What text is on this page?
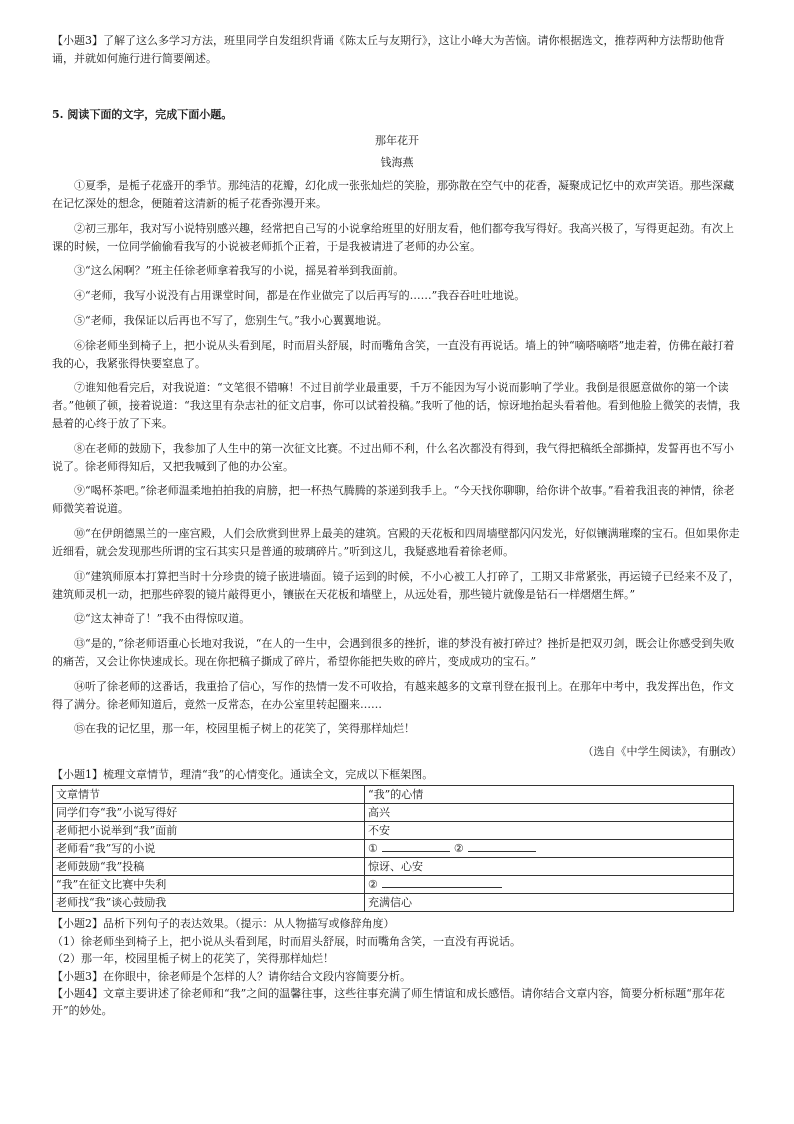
【小题3】了解了这么多学习方法，班里同学自发组织背诵《陈太丘与友期行》，这让小峰大为苦恼。请你根据选文，推荐两种方法帮助他背诵，并就如何施行进行简要阐述。

5. 阅读下面的文字，完成下面小题。

那年花开

钱海燕

①夏季，是栀子花盛开的季节。那纯洁的花瓣，幻化成一张张灿烂的笑脸，那弥散在空气中的花香，凝聚成记忆中的欢声笑语。那些深藏在记忆深处的想念，便随着这清新的栀子花香弥漫开来。

②初三那年，我对写小说特别感兴趣，经常把自己写的小说拿给班里的好朋友看，他们都夸我写得好。我高兴极了，写得更起劲。有次上课的时候，一位同学偷偷看我写的小说被老师抓个正着，于是我被请进了老师的办公室。

③“这么闲啊？”班主任徐老师拿着我写的小说，摇晃着举到我面前。

④“老师，我写小说没有占用课堂时间，都是在作业做完了以后再写的……”我吞吞吐吐地说。

⑤“老师，我保证以后再也不写了，您别生气。”我小心翼翼地说。

⑥徐老师坐到椅子上，把小说从头看到尾，时而眉头舒展，时而嘴角含笑，一直没有再说话。墙上的钟“嘀嗒嘀嗒”地走着，仿佛在敲打着我的心，我紧张得快要窒息了。

⑦谁知他看完后，对我说道：“文笔很不错嘛！不过目前学业最重要，千万不能因为写小说而影响了学业。我倒是很愿意做你的第一个读者。”他顿了顿，接着说道：“我这里有杂志社的征文启事，你可以试着投稿。”我听了他的话，惊讶地抬起头看着他。看到他脸上微笑的表情，我悬着的心终于放了下来。

⑧在老师的鼓励下，我参加了人生中的第一次征文比赛。不过出师不利，什么名次都没有得到，我气得把稿纸全部撕掉，发誓再也不写小说了。徐老师得知后，又把我喊到了他的办公室。

⑨“喝杯茶吧。”徐老师温柔地拍拍我的肩膀，把一杯热气腾腾的茶递到我手上。“今天找你聊聊，给你讲个故事。”看着我沮丧的神情，徐老师微笑着说道。

⑩“在伊朗德黑兰的一座宫殿，人们会欣赏到世界上最美的建筑。宫殿的天花板和四周墙壁都闪闪发光，好似镶满璀璨的宝石。但如果你走近细看，就会发现那些所谓的宝石其实只是普通的玻璃碎片。”听到这儿，我疑惑地看着徐老师。

⑪“建筑师原本打算把当时十分珍贵的镜子嵌进墙面。镜子运到的时候，不小心被工人打碎了，工期又非常紧张，再运镜子已经来不及了，建筑师灵机一动，把那些碎裂的镜片敲得更小，镶嵌在天花板和墙壁上，从远处看，那些镜片就像是钻石一样熠熠生辉。”

⑫“这太神奇了！”我不由得惊叹道。

⑬“是的，”徐老师语重心长地对我说，“在人的一生中，会遇到很多的挫折，谁的梦没有被打碎过？挫折是把双刃剑，既会让你感受到失败的痛苦，又会让你快速成长。现在你把稿子撕成了碎片，希望你能把失败的碎片，变成成功的宝石。”

⑭听了徐老师的这番话，我重拾了信心，写作的热情一发不可收拾，有越来越多的文章刊登在报刊上。在那年中考中，我发挥出色，作文得了满分。徐老师知道后，竟然一反常态，在办公室里转起圈来……

⑮在我的记忆里，那一年，校园里栀子树上的花笑了，笑得那样灿烂！

（选自《中学生阅读》，有删改）

【小题1】梳理文章情节，理清“我”的心情变化。通读全文，完成以下框架图。

文章情节	“我”的心情
同学们夸“我”小说写得好	高兴
老师把小说举到“我”面前	不安
老师看“我”写的小说	① ②
老师鼓励“我”投稿	惊讶、心安
“我”在征文比赛中失利	②
老师找“我”谈心鼓励我	充满信心

【小题2】品析下列句子的表达效果。（提示：从人物描写或修辞角度）

（1）徐老师坐到椅子上，把小说从头看到尾，时而眉头舒展，时而嘴角含笑，一直没有再说话。

（2）那一年，校园里栀子树上的花笑了，笑得那样灿烂！

【小题3】在你眼中，徐老师是个怎样的人？请你结合文段内容简要分析。

【小题4】文章主要讲述了徐老师和“我”之间的温馨往事，这些往事充满了师生情谊和成长感悟。请你结合文章内容，简要分析标题“那年花开”的妙处。
